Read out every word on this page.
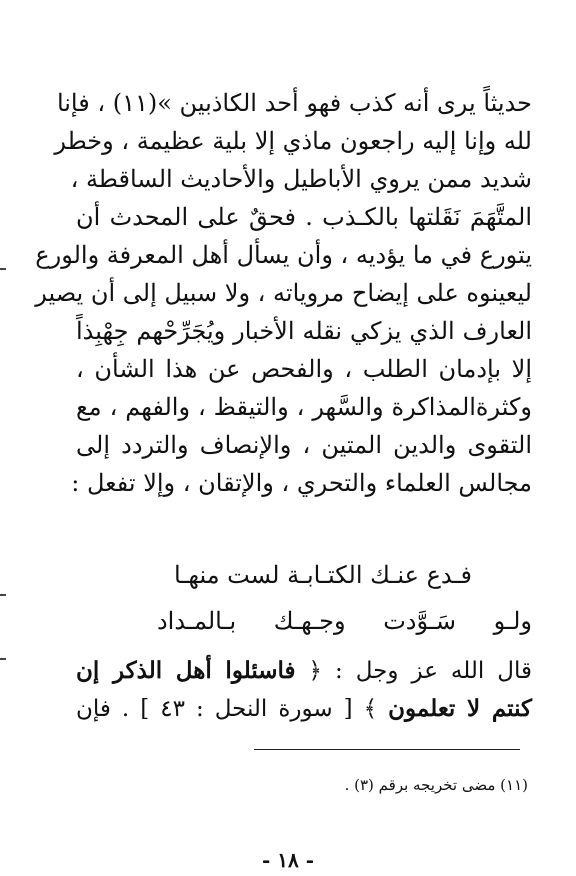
حديثاً يرى أنه كذب فهو أحد الكاذبين »(١١) ، فإنا
لله وإنا إليه راجعون ماذي إلا بلية عظيمة ، وخطر
شديد ممن يروي الأباطيل والأحاديث الساقطة ،
المتَّهَمَ نَقَلتها بالكـذب . فحقٌ على المحدث أن
يتورع في ما يؤديه ، وأن يسأل أهل المعرفة والورع
ليعينوه على إيضاح مروياته ، ولا سبيل إلى أن يصير
العارف الذي يزكي نقله الأخبار ويُجَرِّحْهم جِهْبِذاً
إلا بإدمان الطلب ، والفحص عن هذا الشأن ،
وكثرةالمذاكرة والسَّهر ، والتيقظ ، والفهم ، مع
التقوى والدين المتين ، والإنصاف والتردد إلى
مجالس العلماء والتحري ، والإتقان ، وإلا تفعل :
فـدع عنـك الكتـابـة لست منهـا
ولـو سَـوَّدت وجـهـك بـالمـداد
قال الله عز وجل : ﴿ فاسئلوا أهل الذكر إن
كنتم لا تعلمون ﴾ [ سورة النحل : ٤٣ ] . فإن
(١١) مضى تخريجه برقم (٣) .
- ١٨ -
